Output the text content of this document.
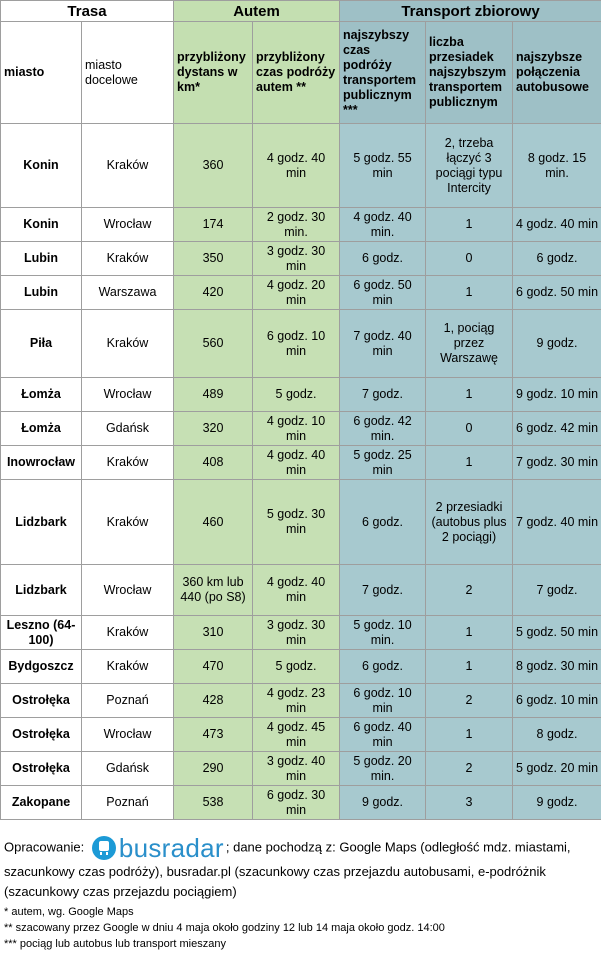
Trasa		Autem		Transport zbiorowy		
miasto	miasto docelowe	przybliżony dystans w km*	przybliżony czas podróży autem **	najszybszy czas podróży transportem publicznym ***	liczba przesiadek najszybszym transportem publicznym	najszybsze połączenia autobusowe
Konin	Kraków	360	4 godz. 40 min	5 godz. 55 min	2, trzeba łączyć 3 pociągi typu Intercity	8 godz. 15 min.
Konin	Wrocław	174	2 godz. 30 min.	4 godz. 40 min.	1	4 godz. 40 min
Lubin	Kraków	350	3 godz. 30 min	6 godz.	0	6 godz.
Lubin	Warszawa	420	4 godz. 20 min	6 godz. 50 min	1	6 godz. 50 min
Piła	Kraków	560	6 godz. 10 min	7 godz. 40 min	1, pociąg przez Warszawę	9 godz.
Łomża	Wrocław	489	5 godz.	7 godz.	1	9 godz. 10 min
Łomża	Gdańsk	320	4 godz. 10 min	6 godz. 42 min.	0	6 godz. 42 min
Inowrocław	Kraków	408	4 godz. 40 min	5 godz. 25 min	1	7 godz. 30 min
Lidzbark	Kraków	460	5 godz. 30 min	6 godz.	2 przesiadki (autobus plus 2 pociągi)	7 godz. 40 min
Lidzbark	Wrocław	360 km lub 440 (po S8)	4 godz. 40 min	7 godz.	2	7 godz.
Leszno (64-100)	Kraków	310	3 godz. 30 min	5 godz. 10 min.	1	5 godz. 50 min
Bydgoszcz	Kraków	470	5 godz.	6 godz.	1	8 godz. 30 min
Ostrołęka	Poznań	428	4 godz. 23 min	6 godz. 10 min	2	6 godz. 10 min
Ostrołęka	Wrocław	473	4 godz. 45 min	6 godz. 40 min	1	8 godz.
Ostrołęka	Gdańsk	290	3 godz. 40 min	5 godz. 20 min.	2	5 godz. 20 min
Zakopane	Poznań	538	6 godz. 30 min	9 godz.	3	9 godz.
Opracowanie: busradar ; dane pochodzą z: Google Maps (odległość mdz. miastami, szacunkowy czas podróży), busradar.pl (szacunkowy czas przejazdu autobusami, e-podróżnik (szacunkowy czas przejazdu pociągiem)
* autem, wg. Google Maps
** szacowany przez Google w dniu 4 maja około godziny 12 lub 14 maja około godz. 14:00
*** pociąg lub autobus lub transport mieszany
